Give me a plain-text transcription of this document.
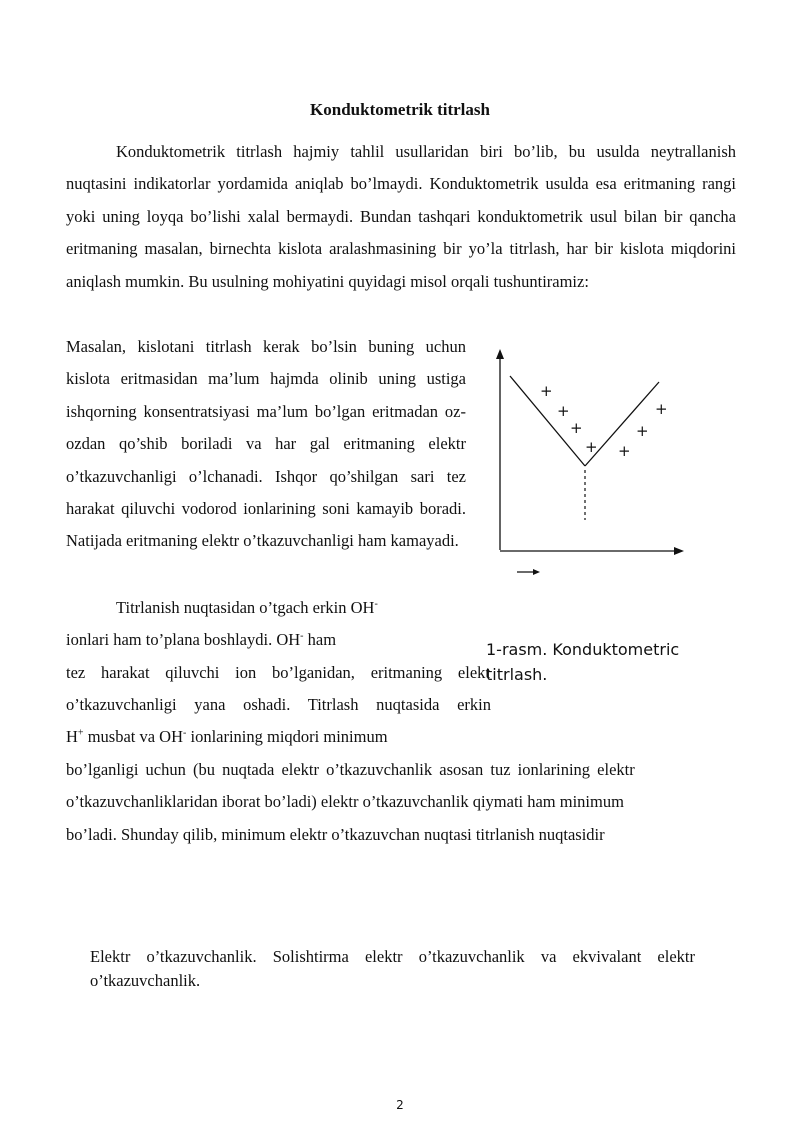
Konduktometrik titrlash
Konduktometrik titrlash hajmiy tahlil usullaridan biri bo’lib, bu usulda neytrallanish nuqtasini indikatorlar yordamida aniqlab bo’lmaydi. Konduktometrik usulda esa eritmaning rangi yoki uning loyqa bo’lishi xalal bermaydi. Bundan tashqari konduktometrik usul bilan bir qancha eritmaning masalan, birnechta kislota aralashmasining bir yo’la titrlash, har bir kislota miqdorini aniqlash mumkin. Bu usulning mohiyatini quyidagi misol orqali tushuntiramiz:
Masalan, kislotani titrlash kerak bo’lsin buning uchun kislota eritmasidan ma’lum hajmda olinib uning ustiga ishqorning konsentratsiyasi ma’lum bo’lgan eritmadan oz-ozdan qo’shib boriladi va har gal eritmaning elektr o’tkazuvchanligi o’lchanadi. Ishqor qo’shilgan sari tez harakat qiluvchi vodorod ionlarining soni kamayib boradi. Natijada eritmaning elektr o’tkazuvchanligi ham kamayadi.
Titrlanish nuqtasidan o’tgach erkin OH-
ionlari ham to’plana boshlaydi. OH- ham
tez harakat qiluvchi ion bo’lganidan, eritmaning elekt
o’tkazuvchanligi yana oshadi. Titrlash nuqtasida erkin
H+ musbat va OH- ionlarining miqdori minimum
bo’lganligi uchun (bu nuqtada elektr o’tkazuvchanlik asosan tuz ionlarining elektr
o’tkazuvchanliklaridan iborat bo’ladi) elektr o’tkazuvchanlik qiymati ham minimum
bo’ladi. Shunday qilib, minimum elektr o’tkazuvchan nuqtasi titrlanish nuqtasidir
+
+
+
+ +
+
+
1-rasm. Konduktometric titrlash.
Elektr o’tkazuvchanlik. Solishtirma elektr o’tkazuvchanlik va ekvivalant elektr o’tkazuvchanlik.
2
